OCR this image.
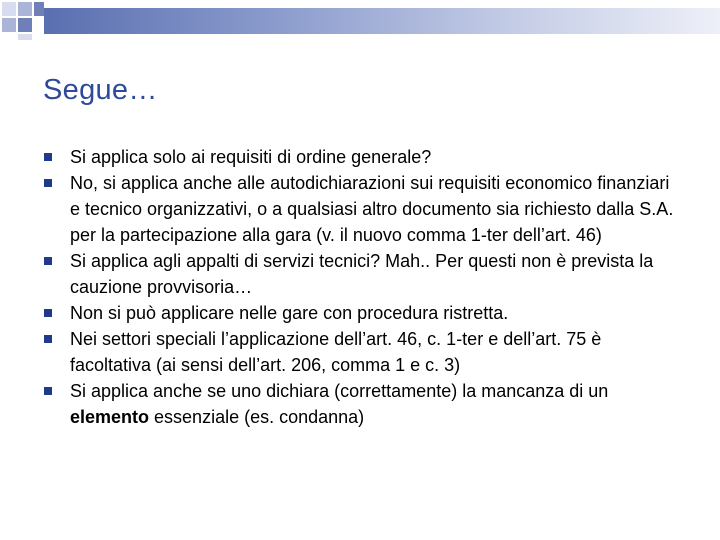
Segue…
Si applica solo ai requisiti di ordine generale?
No, si applica anche alle autodichiarazioni sui requisiti economico finanziari e tecnico organizzativi, o a qualsiasi altro documento sia richiesto dalla S.A. per la partecipazione alla gara (v. il nuovo comma 1-ter dell’art. 46)
Si applica agli appalti di servizi tecnici? Mah.. Per questi non è prevista la cauzione provvisoria…
Non si può applicare nelle gare con procedura ristretta.
Nei settori speciali l’applicazione dell’art. 46, c. 1-ter e dell’art. 75 è facoltativa (ai sensi dell’art. 206, comma 1 e c. 3)
Si applica anche se uno dichiara (correttamente) la mancanza di un elemento essenziale (es. condanna)
